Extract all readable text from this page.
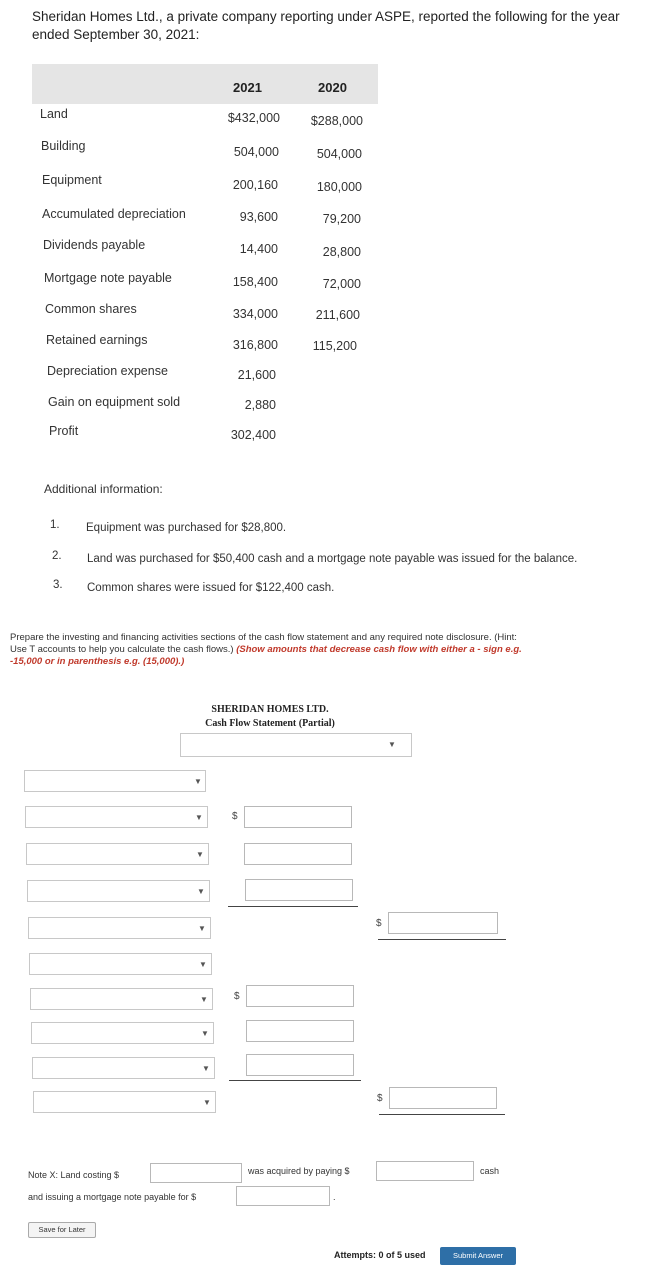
Sheridan Homes Ltd., a private company reporting under ASPE, reported the following for the year ended September 30, 2021:
2021	2020
Land	$432,000	$288,000
Building	504,000	504,000
Equipment	200,160	180,000
Accumulated depreciation	93,600	79,200
Dividends payable	14,400	28,800
Mortgage note payable	158,400	72,000
Common shares	334,000	211,600
Retained earnings	316,800	115,200
Depreciation expense	21,600
Gain on equipment sold	2,880
Profit	302,400
Additional information:
1. Equipment was purchased for $28,800.
2. Land was purchased for $50,400 cash and a mortgage note payable was issued for the balance.
3. Common shares were issued for $122,400 cash.
Prepare the investing and financing activities sections of the cash flow statement and any required note disclosure. (Hint: Use T accounts to help you calculate the cash flows.) (Show amounts that decrease cash flow with either a - sign e.g. -15,000 or in parenthesis e.g. (15,000).)
SHERIDAN HOMES LTD.
Cash Flow Statement (Partial)
▼
▼
▼	$
▼
▼
▼	$
▼
▼	$
▼
▼
▼	$
Note X: Land costing $	was acquired by paying $	cash
and issuing a mortgage note payable for $	.
Save for Later
Attempts: 0 of 5 used	Submit Answer
